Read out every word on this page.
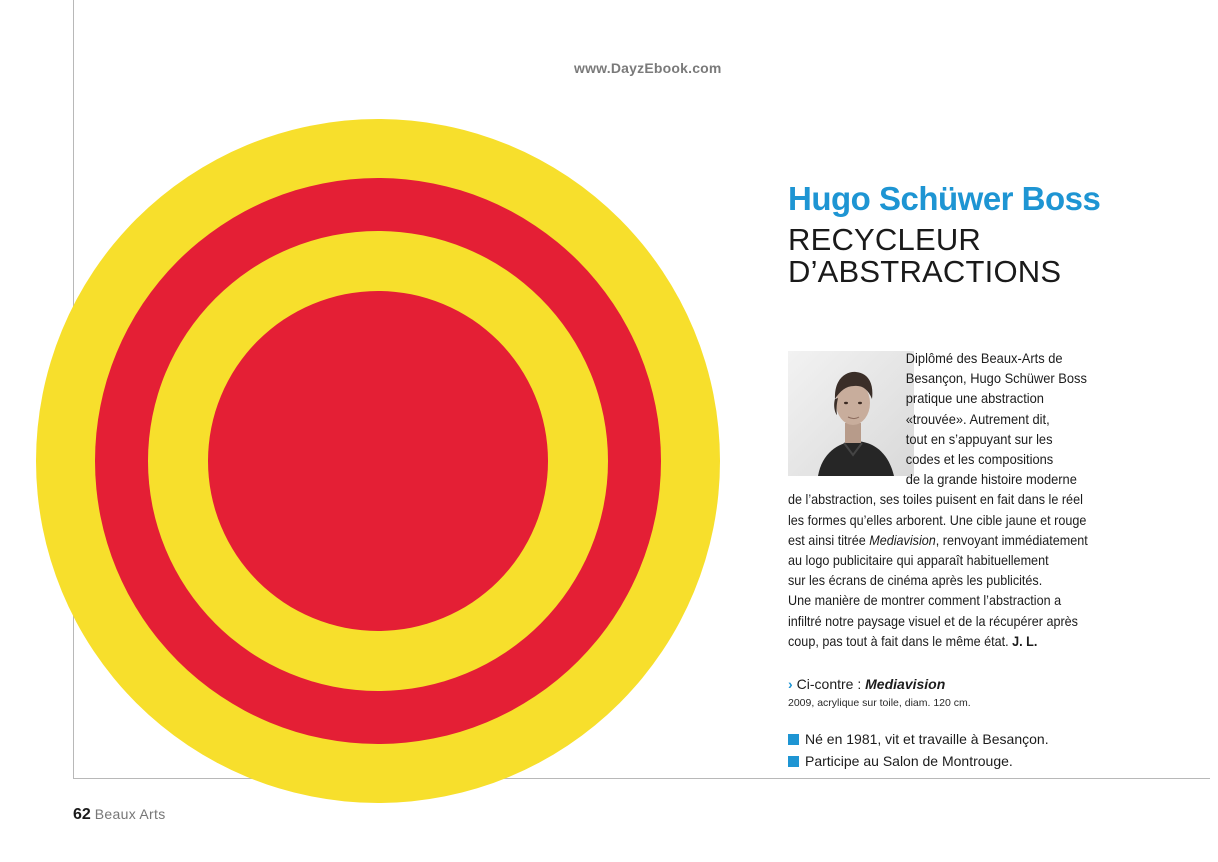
www.DayzEbook.com
Hugo Schüwer Boss
RECYCLEUR
D’ABSTRACTIONS
Diplômé des Beaux-Arts de
Besançon, Hugo Schüwer Boss
pratique une abstraction
«trouvée». Autrement dit,
tout en s’appuyant sur les
codes et les compositions
de la grande histoire moderne
de l’abstraction, ses toiles puisent en fait dans le réel
les formes qu’elles arborent. Une cible jaune et rouge
est ainsi titrée Mediavision, renvoyant immédiatement
au logo publicitaire qui apparaît habituellement
sur les écrans de cinéma après les publicités.
Une manière de montrer comment l’abstraction a
infiltré notre paysage visuel et de la récupérer après
coup, pas tout à fait dans le même état. J. L.
› Ci-contre : Mediavision
2009, acrylique sur toile, diam. 120 cm.
Né en 1981, vit et travaille à Besançon.
Participe au Salon de Montrouge.
62 Beaux Arts
